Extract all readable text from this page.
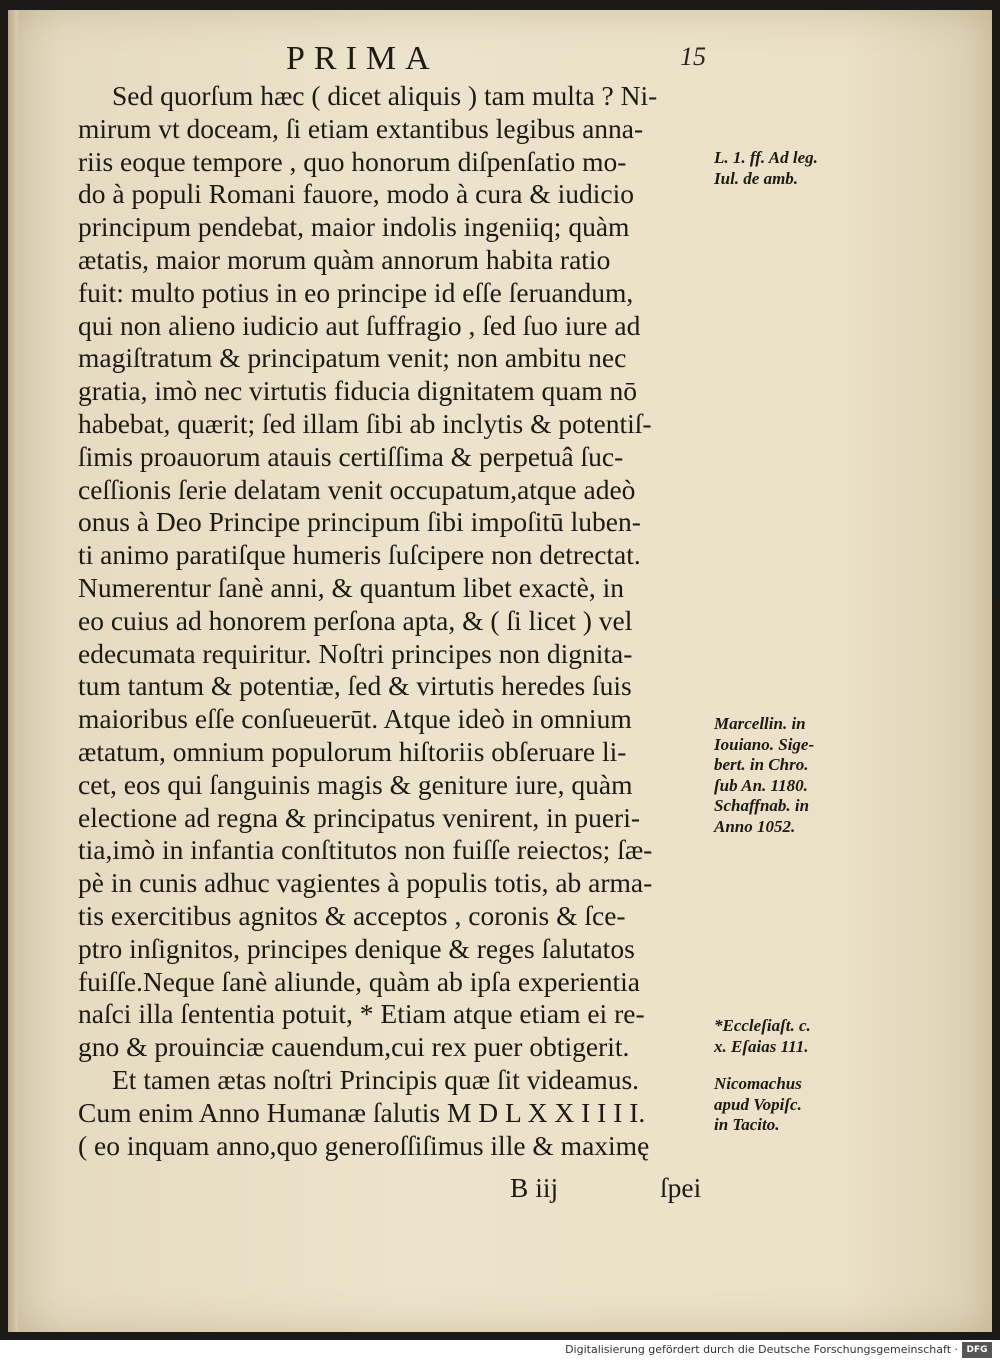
PRIMA	15
Sed quorſum hæc ( dicet aliquis ) tam multa ? Ni-
mirum vt doceam, ſi etiam extantibus legibus anna-
riis eoque tempore , quo honorum diſpenſatio mo-
do à populi Romani fauore, modo à cura & iudicio
principum pendebat, maior indolis ingeniiq; quàm
ætatis, maior morum quàm annorum habita ratio
fuit: multo potius in eo principe id eſſe ſeruandum,
qui non alieno iudicio aut ſuffragio , ſed ſuo iure ad
magiſtratum & principatum venit; non ambitu nec
gratia, imò nec virtutis fiducia dignitatem quam nō
habebat, quærit; ſed illam ſibi ab inclytis & potentiſ-
ſimis proauorum atauis certiſſima & perpetuâ ſuc-
ceſſionis ſerie delatam venit occupatum,atque adeò
onus à Deo Principe principum ſibi impoſitū luben-
ti animo paratiſque humeris ſuſcipere non detrectat.
Numerentur ſanè anni, & quantum libet exactè, in
eo cuius ad honorem perſona apta, & ( ſi licet ) vel
edecumata requiritur. Noſtri principes non dignita-
tum tantum & potentiæ, ſed & virtutis heredes ſuis
maioribus eſſe conſueuerūt. Atque ideò in omnium
ætatum, omnium populorum hiſtoriis obſeruare li-
cet, eos qui ſanguinis magis & geniture iure, quàm
electione ad regna & principatus venirent, in pueri-
tia,imò in infantia conſtitutos non fuiſſe reiectos; ſæ-
pè in cunis adhuc vagientes à populis totis, ab arma-
tis exercitibus agnitos & acceptos , coronis & ſce-
ptro inſignitos, principes denique & reges ſalutatos
fuiſſe.Neque ſanè aliunde, quàm ab ipſa experientia
naſci illa ſententia potuit, * Etiam atque etiam ei re-
gno & prouinciæ cauendum,cui rex puer obtigerit.
Et tamen ætas noſtri Principis quæ ſit videamus.
Cum enim Anno Humanæ ſalutis M D L X X I I I I.
( eo inquam anno,quo generoſſiſimus ille & maximę
B iij	ſpei
L. 1. ff. Ad leg.
Iul. de amb.
Marcellin. in
Iouiano. Sige-
bert. in Chro.
ſub An. 1180.
Schaffnab. in
Anno 1052.
*Eccleſiaſt. c.
x. Eſaias 111.
Nicomachus
apud Vopiſc.
in Tacito.
Digitalisierung gefördert durch die Deutsche Forschungsgemeinschaft · DFG
